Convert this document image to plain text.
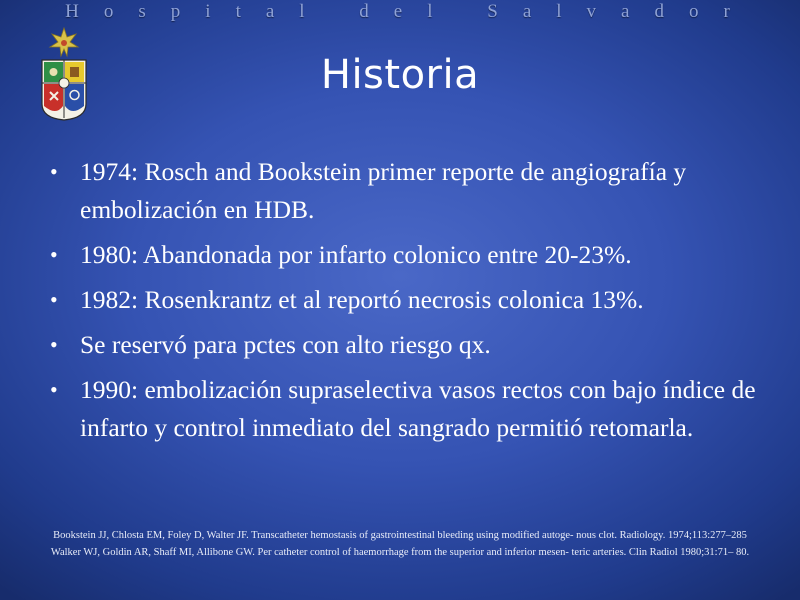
Hospital del Salvador
Historia
• 1974: Rosch and Bookstein primer reporte de angiografía y embolización en HDB.
• 1980: Abandonada por infarto colonico entre 20-23%.
• 1982: Rosenkrantz et al reportó necrosis colonica 13%.
• Se reservó para pctes con alto riesgo qx.
• 1990: embolización supraselectiva vasos rectos con bajo índice de infarto y control inmediato del sangrado permitió retomarla.

Bookstein JJ, Chlosta EM, Foley D, Walter JF. Transcatheter hemostasis of gastrointestinal bleeding using modified autoge- nous clot. Radiology. 1974;113:277–285

Walker WJ, Goldin AR, Shaff MI, Allibone GW. Per catheter control of haemorrhage from the superior and inferior mesen- teric arteries. Clin Radiol 1980;31:71– 80.
